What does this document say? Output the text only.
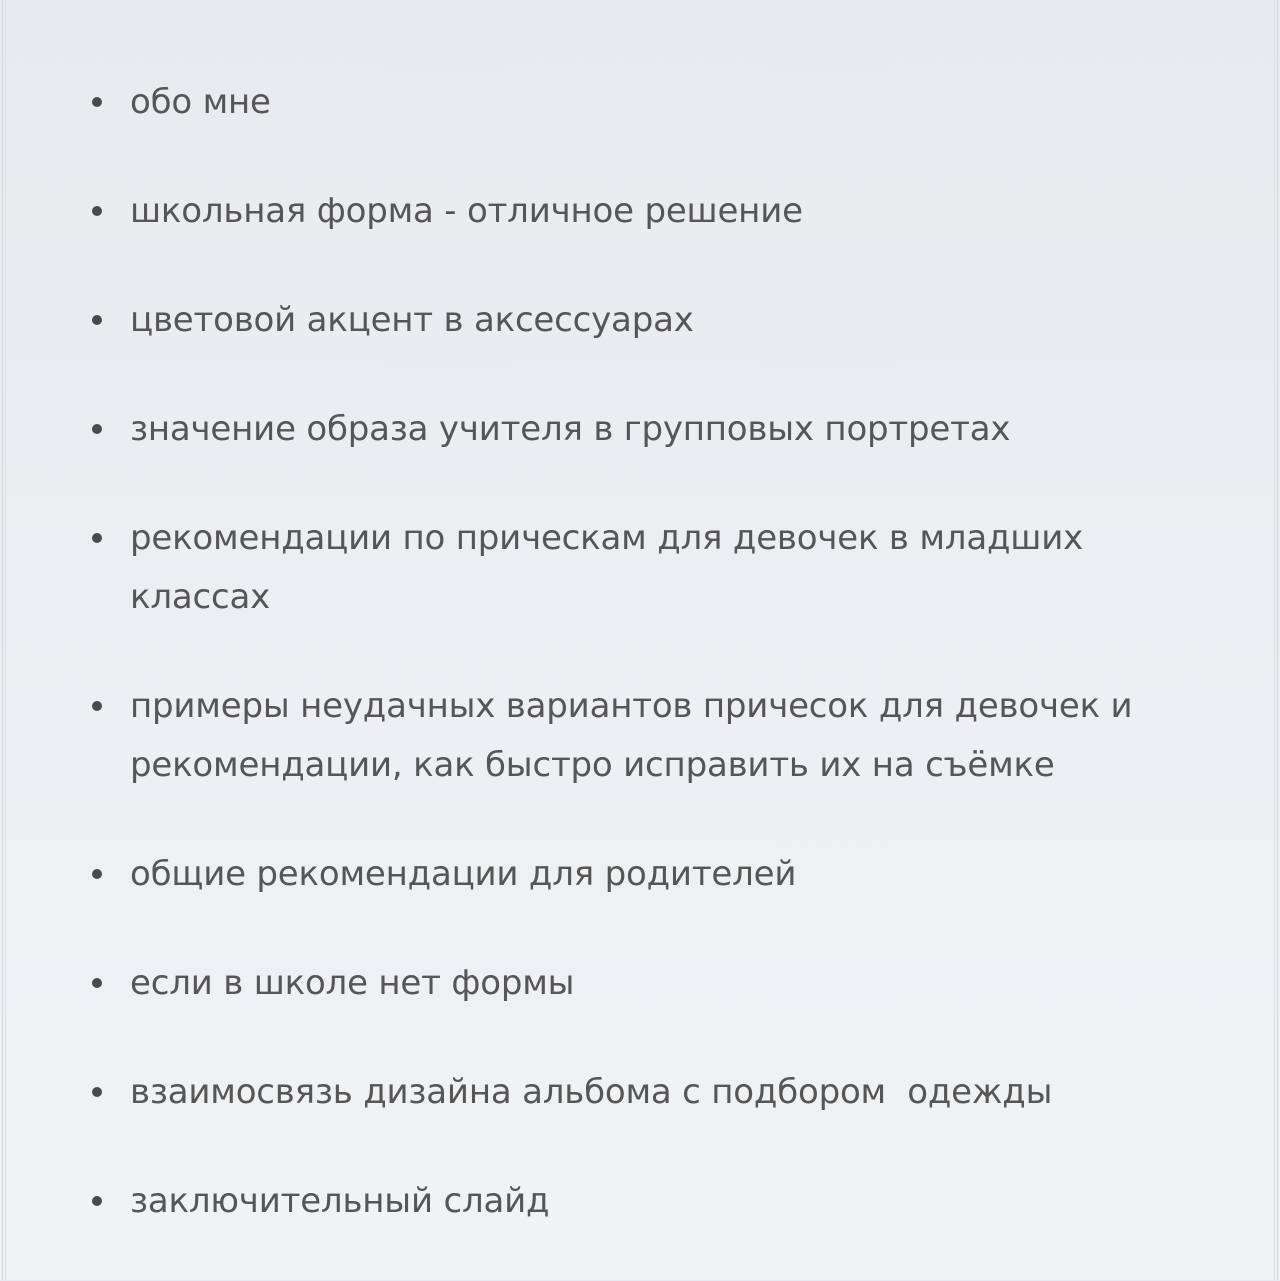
обо мне
школьная форма - отличное решение
цветовой акцент в аксессуарах
значение образа учителя в групповых портретах
рекомендации по прическам для девочек в младших классах
примеры неудачных вариантов причесок для девочек и рекомендации, как быстро исправить их на съёмке
общие рекомендации для родителей
если в школе нет формы
взаимосвязь дизайна альбома с подбором  одежды
заключительный слайд
